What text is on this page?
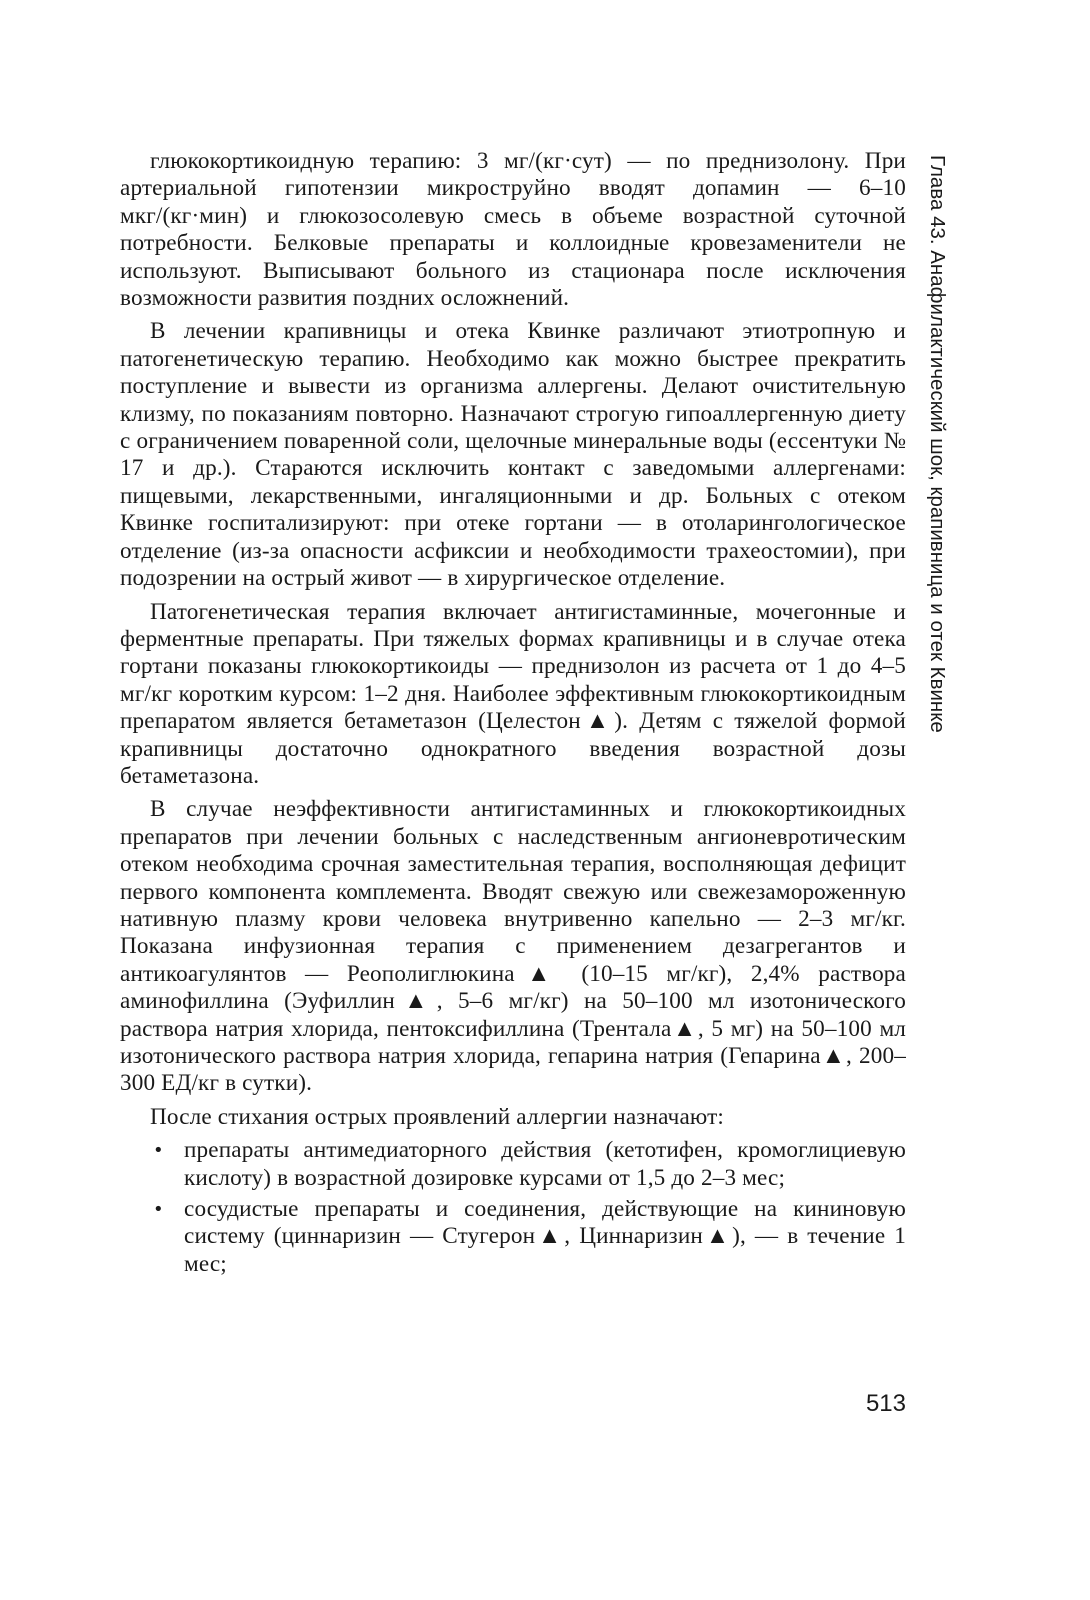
глюкокортикоидную терапию: 3 мг/(кг·сут) — по преднизолону. При артериальной гипотензии микроструйно вводят допамин — 6–10 мкг/(кг·мин) и глюкозосолевую смесь в объеме возрастной суточной потребности. Белковые препараты и коллоидные кровезаменители не используют. Выписывают больного из стационара после исключения возможности развития поздних осложнений.

В лечении крапивницы и отека Квинке различают этиотропную и патогенетическую терапию. Необходимо как можно быстрее прекратить поступление и вывести из организма аллергены. Делают очистительную клизму, по показаниям повторно. Назначают строгую гипоаллергенную диету с ограничением поваренной соли, щелочные минеральные воды (ессентуки № 17 и др.). Стараются исключить контакт с заведомыми аллергенами: пищевыми, лекарственными, ингаляционными и др. Больных с отеком Квинке госпитализируют: при отеке гортани — в отоларингологическое отделение (из-за опасности асфиксии и необходимости трахеостомии), при подозрении на острый живот — в хирургическое отделение.

Патогенетическая терапия включает антигистаминные, мочегонные и ферментные препараты. При тяжелых формах крапивницы и в случае отека гортани показаны глюкокортикоиды — преднизолон из расчета от 1 до 4–5 мг/кг коротким курсом: 1–2 дня. Наиболее эффективным глюкокортикоидным препаратом является бетаметазон (Целестон▲). Детям с тяжелой формой крапивницы достаточно однократного введения возрастной дозы бетаметазона.

В случае неэффективности антигистаминных и глюкокортикоидных препаратов при лечении больных с наследственным ангионевротическим отеком необходима срочная заместительная терапия, восполняющая дефицит первого компонента комплемента. Вводят свежую или свежезамороженную нативную плазму крови человека внутривенно капельно — 2–3 мг/кг. Показана инфузионная терапия с применением дезагрегантов и антикоагулянтов — Реополиглюкина▲ (10–15 мг/кг), 2,4% раствора аминофиллина (Эуфиллин▲, 5–6 мг/кг) на 50–100 мл изотонического раствора натрия хлорида, пентоксифиллина (Трентала▲, 5 мг) на 50–100 мл изотонического раствора натрия хлорида, гепарина натрия (Гепарина▲, 200–300 ЕД/кг в сутки).

После стихания острых проявлений аллергии назначают:

• препараты антимедиаторного действия (кетотифен, кромоглициевую кислоту) в возрастной дозировке курсами от 1,5 до 2–3 мес;
• сосудистые препараты и соединения, действующие на кининовую систему (циннаризин — Стугерон▲, Циннаризин▲), — в течение 1 мес;
Глава 43. Анафилактический шок, крапивница и отек Квинке
513
